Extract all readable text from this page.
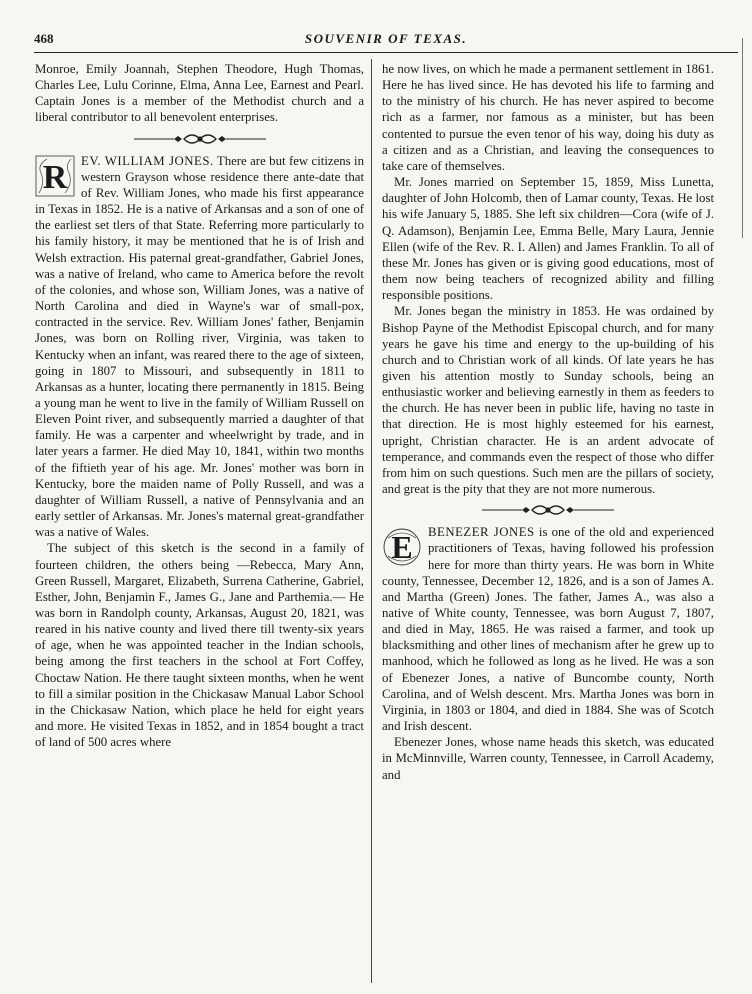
468	SOUVENIR OF TEXAS.

Monroe, Emily Joannah, Stephen Theodore, Hugh Thomas, Charles Lee, Lulu Corinne, Elma, Anna Lee, Earnest and Pearl. Captain Jones is a member of the Methodist church and a liberal contributor to all benevolent enterprises.

R	EV. WILLIAM JONES. There are but few citizens in western Grayson whose residence there ante-date that of Rev. William Jones, who made his first appearance in Texas in 1852. He is a native of Arkansas and a son of one of the earliest set tlers of that State. Referring more particularly to his family history, it may be mentioned that he is of Irish and Welsh extraction. His paternal great-grandfather, Gabriel Jones, was a native of Ireland, who came to America before the revolt of the colonies, and whose son, William Jones, was a native of North Carolina and died in Wayne's war of small-pox, contracted in the service. Rev. William Jones' father, Benjamin Jones, was born on Rolling river, Virginia, was taken to Kentucky when an infant, was reared there to the age of sixteen, going in 1807 to Missouri, and subsequently in 1811 to Arkansas as a hunter, locating there permanently in 1815. Being a young man he went to live in the family of William Russell on Eleven Point river, and subsequently married a daughter of that family. He was a carpenter and wheelwright by trade, and in later years a farmer. He died May 10, 1841, within two months of the fiftieth year of his age. Mr. Jones' mother was born in Kentucky, bore the maiden name of Polly Russell, and was a daughter of William Russell, a native of Pennsylvania and an early settler of Arkansas. Mr. Jones's maternal great-grandfather was a native of Wales.

The subject of this sketch is the second in a family of fourteen children, the others being —Rebecca, Mary Ann, Green Russell, Margaret, Elizabeth, Surrena Catherine, Gabriel, Esther, John, Benjamin F., James G., Jane and Parthemia.— He was born in Randolph county, Arkansas, August 20, 1821, was reared in his native county and lived there till twenty-six years of age, when he was appointed teacher in the Indian schools, being among the first teachers in the school at Fort Coffey, Choctaw Nation. He there taught sixteen months, when he went to fill a similar position in the Chickasaw Manual Labor School in the Chickasaw Nation, which place he held for eight years and more. He visited Texas in 1852, and in 1854 bought a tract of land of 500 acres where

he now lives, on which he made a permanent settlement in 1861. Here he has lived since. He has devoted his life to farming and to the ministry of his church. He has never aspired to become rich as a farmer, nor famous as a minister, but has been contented to pursue the even tenor of his way, doing his duty as a citizen and as a Christian, and leaving the consequences to take care of themselves.

Mr. Jones married on September 15, 1859, Miss Lunetta, daughter of John Holcomb, then of Lamar county, Texas. He lost his wife January 5, 1885. She left six children—Cora (wife of J. Q. Adamson), Benjamin Lee, Emma Belle, Mary Laura, Jennie Ellen (wife of the Rev. R. I. Allen) and James Franklin. To all of these Mr. Jones has given or is giving good educations, most of them now being teachers of recognized ability and filling responsible positions.

Mr. Jones began the ministry in 1853. He was ordained by Bishop Payne of the Methodist Episcopal church, and for many years he gave his time and energy to the up-building of his church and to Christian work of all kinds. Of late years he has given his attention mostly to Sunday schools, being an enthusiastic worker and believing earnestly in them as feeders to the church. He has never been in public life, having no taste in that direction. He is most highly esteemed for his earnest, upright, Christian character. He is an ardent advocate of temperance, and commands even the respect of those who differ from him on such questions. Such men are the pillars of society, and great is the pity that they are not more numerous.

E	BENEZER JONES is one of the old and experienced practitioners of Texas, having followed his profession here for more than thirty years. He was born in White county, Tennessee, December 12, 1826, and is a son of James A. and Martha (Green) Jones. The father, James A., was also a native of White county, Tennessee, was born August 7, 1807, and died in May, 1865. He was raised a farmer, and took up blacksmithing and other lines of mechanism after he grew up to manhood, which he followed as long as he lived. He was a son of Ebenezer Jones, a native of Buncombe county, North Carolina, and of Welsh descent. Mrs. Martha Jones was born in Virginia, in 1803 or 1804, and died in 1884. She was of Scotch and Irish descent.

Ebenezer Jones, whose name heads this sketch, was educated in McMinnville, Warren county, Tennessee, in Carroll Academy, and
